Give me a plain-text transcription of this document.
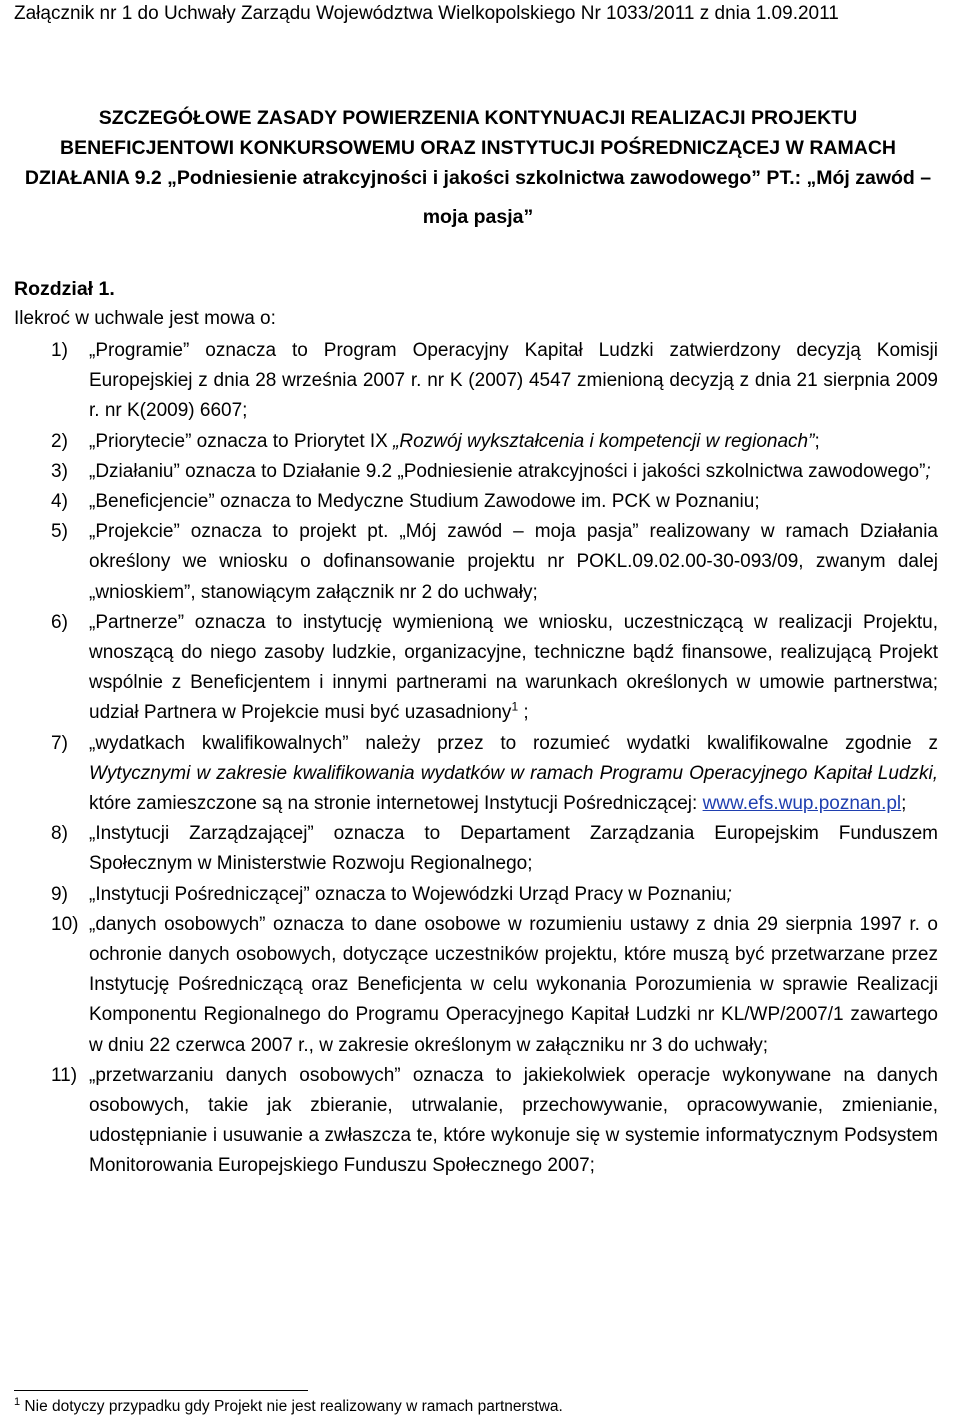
Załącznik nr 1 do Uchwały Zarządu Województwa Wielkopolskiego Nr 1033/2011 z dnia 1.09.2011
SZCZEGÓŁOWE ZASADY POWIERZENIA KONTYNUACJI REALIZACJI PROJEKTU
BENEFICJENTOWI KONKURSOWEMU ORAZ INSTYTUCJI POŚREDNICZĄCEJ W RAMACH
DZIAŁANIA 9.2 „Podniesienie atrakcyjności i jakości szkolnictwa zawodowego” PT.: „Mój zawód –
moja pasja”
Rozdział 1.
Ilekroć w uchwale jest mowa o:
1) „Programie” oznacza to Program Operacyjny Kapitał Ludzki zatwierdzony decyzją Komisji Europejskiej z dnia 28 września 2007 r. nr K (2007) 4547 zmienioną decyzją z dnia 21 sierpnia 2009 r. nr K(2009) 6607;
2) „Priorytecie” oznacza to Priorytet IX „Rozwój wykształcenia i kompetencji w regionach”;
3) „Działaniu” oznacza to Działanie 9.2 „Podniesienie atrakcyjności i jakości szkolnictwa zawodowego”;
4) „Beneficjencie” oznacza to Medyczne Studium Zawodowe im. PCK w Poznaniu;
5) „Projekcie” oznacza to projekt pt. „Mój zawód – moja pasja” realizowany w ramach Działania określony we wniosku o dofinansowanie projektu nr POKL.09.02.00-30-093/09, zwanym dalej „wnioskiem”, stanowiącym załącznik nr 2 do uchwały;
6) „Partnerze” oznacza to instytucję wymienioną we wniosku, uczestniczącą w realizacji Projektu, wnoszącą do niego zasoby ludzkie, organizacyjne, techniczne bądź finansowe, realizującą Projekt wspólnie z Beneficjentem i innymi partnerami na warunkach określonych w umowie partnerstwa; udział Partnera w Projekcie musi być uzasadniony$^1$ ;
7) „wydatkach kwalifikowalnych” należy przez to rozumieć wydatki kwalifikowalne zgodnie z Wytycznymi w zakresie kwalifikowania wydatków w ramach Programu Operacyjnego Kapitał Ludzki, które zamieszczone są na stronie internetowej Instytucji Pośredniczącej: www.efs.wup.poznan.pl;
8) „Instytucji Zarządzającej” oznacza to Departament Zarządzania Europejskim Funduszem Społecznym w Ministerstwie Rozwoju Regionalnego;
9) „Instytucji Pośredniczącej” oznacza to Wojewódzki Urząd Pracy w Poznaniu;
10) „danych osobowych” oznacza to dane osobowe w rozumieniu ustawy z dnia 29 sierpnia 1997 r. o ochronie danych osobowych, dotyczące uczestników projektu, które muszą być przetwarzane przez Instytucję Pośredniczącą oraz Beneficjenta w celu wykonania Porozumienia w sprawie Realizacji Komponentu Regionalnego do Programu Operacyjnego Kapitał Ludzki nr KL/WP/2007/1 zawartego w dniu 22 czerwca 2007 r., w zakresie określonym w załączniku nr 3 do uchwały;
11) „przetwarzaniu danych osobowych” oznacza to jakiekolwiek operacje wykonywane na danych osobowych, takie jak zbieranie, utrwalanie, przechowywanie, opracowywanie, zmienianie, udostępnianie i usuwanie a zwłaszcza te, które wykonuje się w systemie informatycznym Podsystem Monitorowania Europejskiego Funduszu Społecznego 2007;
$^1$ Nie dotyczy przypadku gdy Projekt nie jest realizowany w ramach partnerstwa.
